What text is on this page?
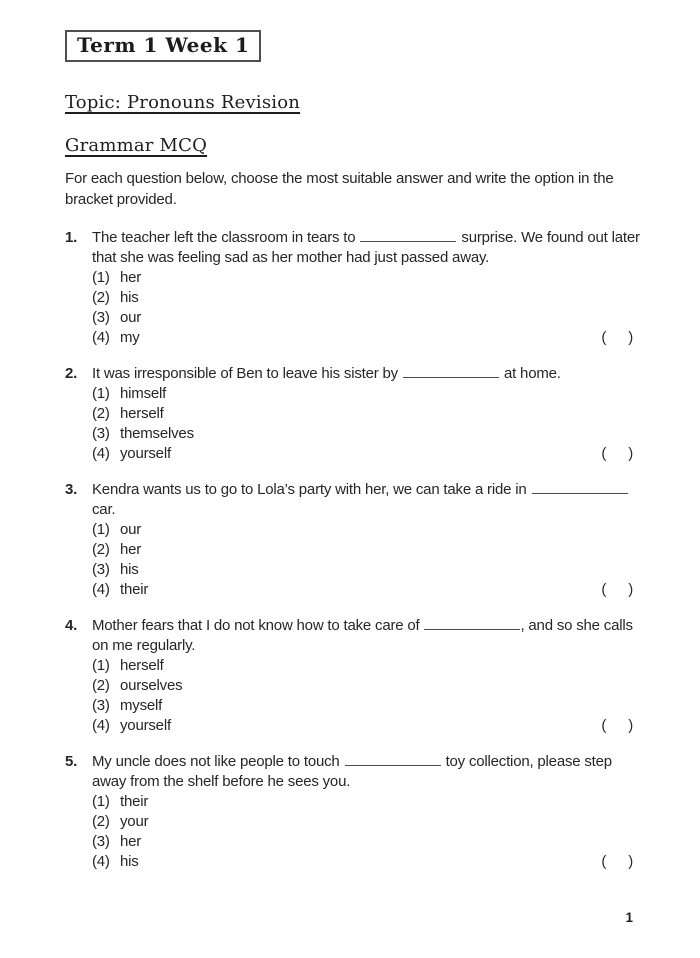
Term 1 Week 1
Topic: Pronouns Revision
Grammar MCQ

For each question below, choose the most suitable answer and write the option in the bracket provided.

1. The teacher left the classroom in tears to	surprise. We found out later that she was feeling sad as her mother had just passed away.
(1) her
(2) his
(3) our
(4) my	( )
2. It was irresponsible of Ben to leave his sister by	at home.
(1) himself
(2) herself
(3) themselves
(4) yourself	( )
3. Kendra wants us to go to Lola’s party with her, we can take a ride incar.
(1) our
(2) her
(3) his
(4) their	( )
4. Mother fears that I do not know how to take care of	, and so she calls on me regularly.
(1) herself
(2) ourselves
(3) myself
(4) yourself	( )
5. My uncle does not like people to touch	toy collection, please step away from the shelf before he sees you.
(1) their
(2) your
(3) her
(4) his	( )
1
